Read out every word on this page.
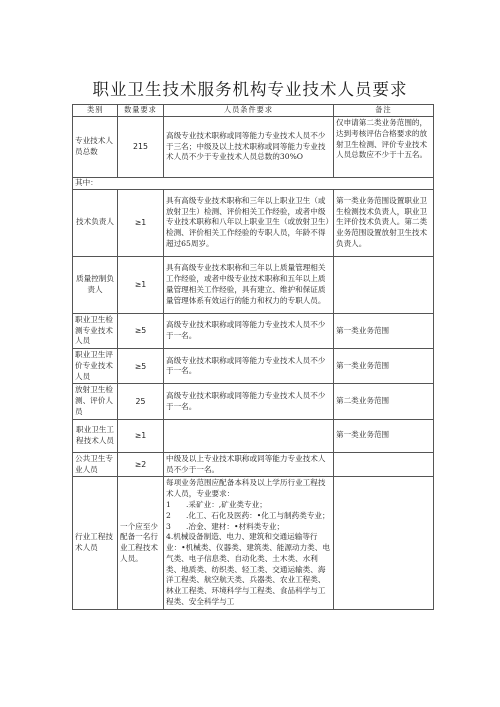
职业卫生技术服务机构专业技术人员要求
类别	数量要求	人员条件要求	备注
专业技术人员总数	215	高级专业技术职称或同等能力专业技术人员不少于三名；中级及以上技术职称或同等能力专业技术人员不少于专业技术人员总数的30%O	仅申请第二类业务范围的，达到考核评估合格要求的放射卫生检测、评价专业技术人员总数应不少于十五名。
其中：			
技术负责人	≥1	具有高级专业技术职称和三年以上职业卫生（或放射卫生）检测、评价相关工作经验，或者中级专业技术职称和八年以上职业卫生（或放射卫生）检测、评价相关工作经验的专职人员，年龄不得超过65周岁。	第一类业务范围设置职业卫生检测技术负责人，职业卫生评价技术负责人。第二类业务范围设置放射卫生技术负责人。
质量控制负责人	≥1	具有高级专业技术职称和三年以上质量管理相关工作经验，或者中级专业技术职称和五年以上质量管理相关工作经验，具有建立、维护和保证质量管理体系有效运行的能力和权力的专职人员。	
职业卫生检测专业技术人员	≥5	高级专业技术职称或同等能力专业技术人员不少于一名。	第一类业务范围
职业卫生评价专业技术人员	≥5	高级专业技术职称或同等能力专业技术人员不少于一名。	第一类业务范围
放射卫生检测、评价人员	25	高级专业技术职称或同等能力专业技术人员不少于一名。	第二类业务范围
职业卫生工程技术人员	≥1		第一类业务范围
公共卫生专业人员	≥2	中级及以上专业技术职称或同等能力专业技术人员不少于一名。	
行业工程技术人员	一个应至少配备一名行业工程技术人员。	每项业务范围应配备本科及以上学历行业工程技术人员，专业要求：
1　　.采矿业：,矿业类专业；
2　　.化工、石化及医药：•化工与制药类专业；
3　　.冶金、建材：•材料类专业；
4.机械设备制造、电力、建筑和交通运输等行业：•机械类、仪器类、建筑类、能源动力类、电气类、电子信息类、自动化类、土木类、水利类、地质类、纺织类、轻工类、交通运输类、海洋工程类、航空航天类、兵器类、农业工程类、林业工程类、环境科学与工程类、食品科学与工程类、安全科学与工	
